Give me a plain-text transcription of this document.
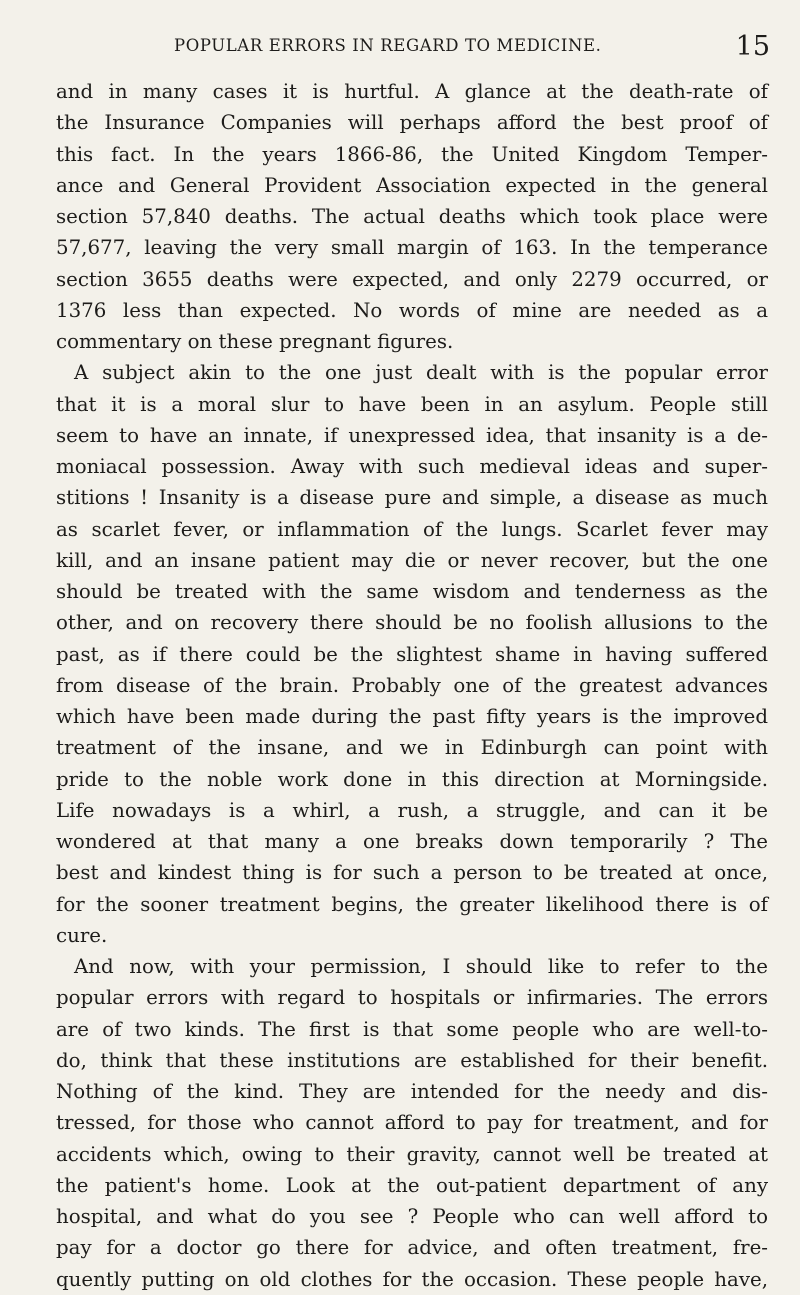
POPULAR ERRORS IN REGARD TO MEDICINE.	15

and in many cases it is hurtful. A glance at the death-rate of
the Insurance Companies will perhaps afford the best proof of
this fact. In the years 1866-86, the United Kingdom Temper-
ance and General Provident Association expected in the general
section 57,840 deaths. The actual deaths which took place were
57,677, leaving the very small margin of 163. In the temperance
section 3655 deaths were expected, and only 2279 occurred, or
1376 less than expected. No words of mine are needed as a
commentary on these pregnant figures.

A subject akin to the one just dealt with is the popular error
that it is a moral slur to have been in an asylum. People still
seem to have an innate, if unexpressed idea, that insanity is a de-
moniacal possession. Away with such medieval ideas and super-
stitions ! Insanity is a disease pure and simple, a disease as much
as scarlet fever, or inflammation of the lungs. Scarlet fever may
kill, and an insane patient may die or never recover, but the one
should be treated with the same wisdom and tenderness as the
other, and on recovery there should be no foolish allusions to the
past, as if there could be the slightest shame in having suffered
from disease of the brain. Probably one of the greatest advances
which have been made during the past fifty years is the improved
treatment of the insane, and we in Edinburgh can point with
pride to the noble work done in this direction at Morningside.
Life nowadays is a whirl, a rush, a struggle, and can it be
wondered at that many a one breaks down temporarily ? The
best and kindest thing is for such a person to be treated at once,
for the sooner treatment begins, the greater likelihood there is of
cure.

And now, with your permission, I should like to refer to the
popular errors with regard to hospitals or infirmaries. The errors
are of two kinds. The first is that some people who are well-to-
do, think that these institutions are established for their benefit.
Nothing of the kind. They are intended for the needy and dis-
tressed, for those who cannot afford to pay for treatment, and for
accidents which, owing to their gravity, cannot well be treated at
the patient's home. Look at the out-patient department of any
hospital, and what do you see ? People who can well afford to
pay for a doctor go there for advice, and often treatment, fre-
quently putting on old clothes for the occasion. These people have,
